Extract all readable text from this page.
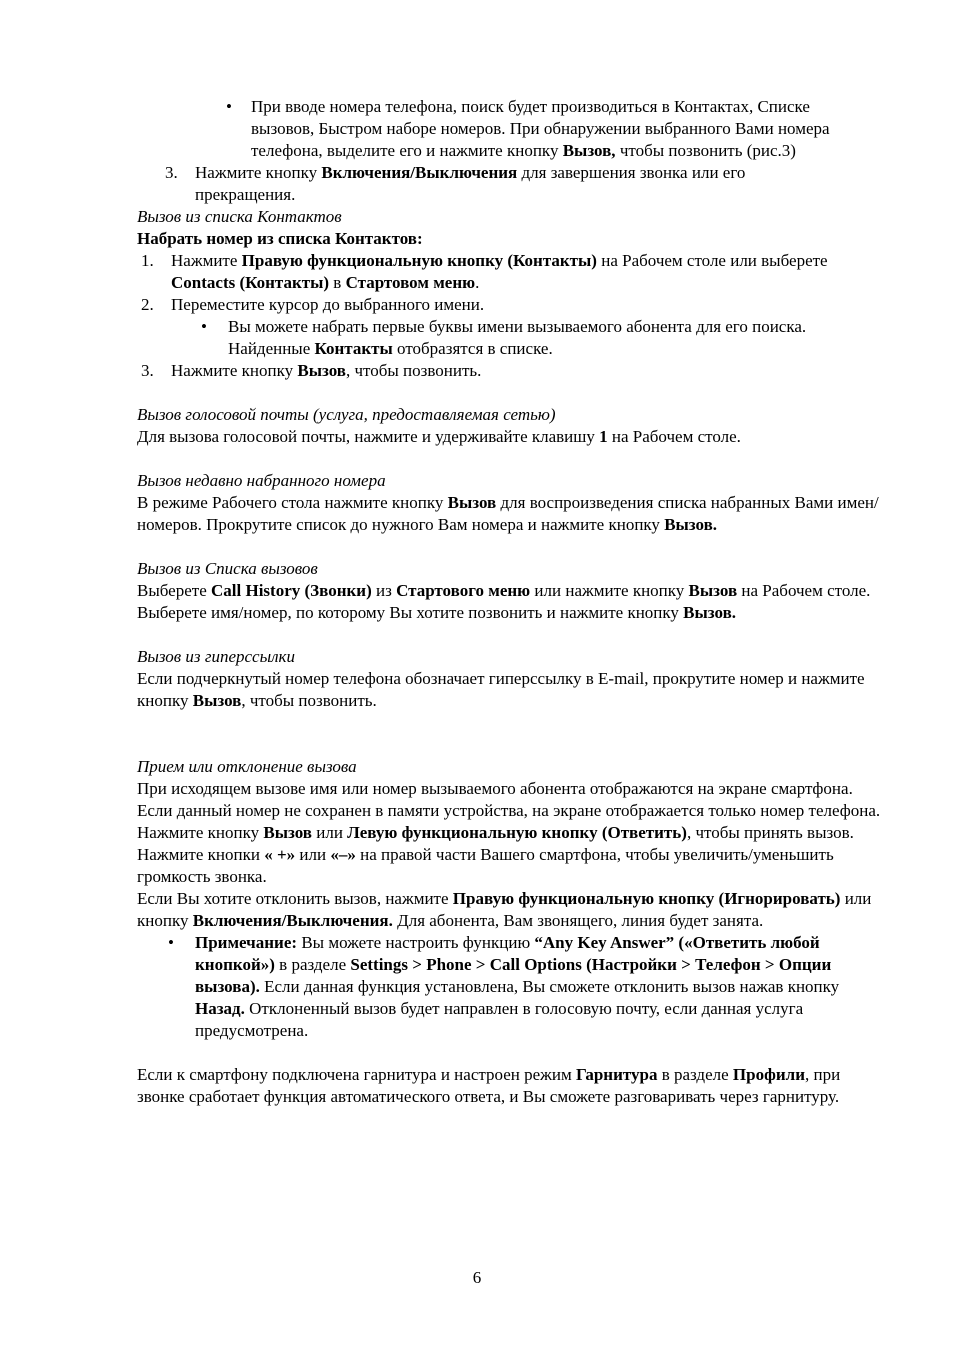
• При вводе номера телефона, поиск будет производиться в Контактах, Списке вызовов, Быстром наборе номеров. При обнаружении выбранного Вами номера телефона, выделите его и нажмите кнопку Вызов, чтобы позвонить (рис.3)

3. Нажмите кнопку Включения/Выключения для завершения звонка или его прекращения.

Вызов из списка Контактов

Набрать номер из списка Контактов:

1. Нажмите Правую функциональную кнопку (Контакты) на Рабочем столе или выберете Contacts (Контакты) в Стартовом меню.

2. Переместите курсор до выбранного имени.

• Вы можете набрать первые буквы имени вызываемого абонента для его поиска. Найденные Контакты отобразятся в списке.

3. Нажмите кнопку Вызов, чтобы позвонить.

Вызов голосовой почты (услуга, предоставляемая сетью)

Для вызова голосовой почты, нажмите и удерживайте клавишу 1 на Рабочем столе.

Вызов недавно набранного номера

В режиме Рабочего стола нажмите кнопку Вызов для воспроизведения списка набранных Вами имен/номеров. Прокрутите список до нужного Вам номера и нажмите кнопку Вызов.

Вызов из Списка вызовов

Выберете Call History (Звонки) из Стартового меню или нажмите кнопку Вызов на Рабочем столе. Выберете имя/номер, по которому Вы хотите позвонить и нажмите кнопку Вызов.

Вызов из гиперссылки

Если подчеркнутый номер телефона обозначает гиперссылку в E-mail, прокрутите номер и нажмите кнопку Вызов, чтобы позвонить.

Прием или отклонение вызова

При исходящем вызове имя или номер вызываемого абонента отображаются на экране смартфона. Если данный номер не сохранен в памяти устройства, на экране отображается только номер телефона.

Нажмите кнопку Вызов или Левую функциональную кнопку (Ответить), чтобы принять вызов. Нажмите кнопки « +» или «–» на правой части Вашего смартфона, чтобы увеличить/уменьшить громкость звонка.

Если Вы хотите отклонить вызов, нажмите Правую функциональную кнопку (Игнорировать) или кнопку Включения/Выключения. Для абонента, Вам звонящего, линия будет занята.

• Примечание: Вы можете настроить функцию “Any Key Answer” («Ответить любой кнопкой») в разделе Settings > Phone > Call Options (Настройки > Телефон > Опции вызова). Если данная функция установлена, Вы сможете отклонить вызов нажав кнопку Назад. Отклоненный вызов будет направлен в голосовую почту, если данная услуга предусмотрена.

Если к смартфону подключена гарнитура и настроен режим Гарнитура в разделе Профили, при звонке сработает функция автоматического ответа, и Вы сможете разговаривать через гарнитуру.

6
